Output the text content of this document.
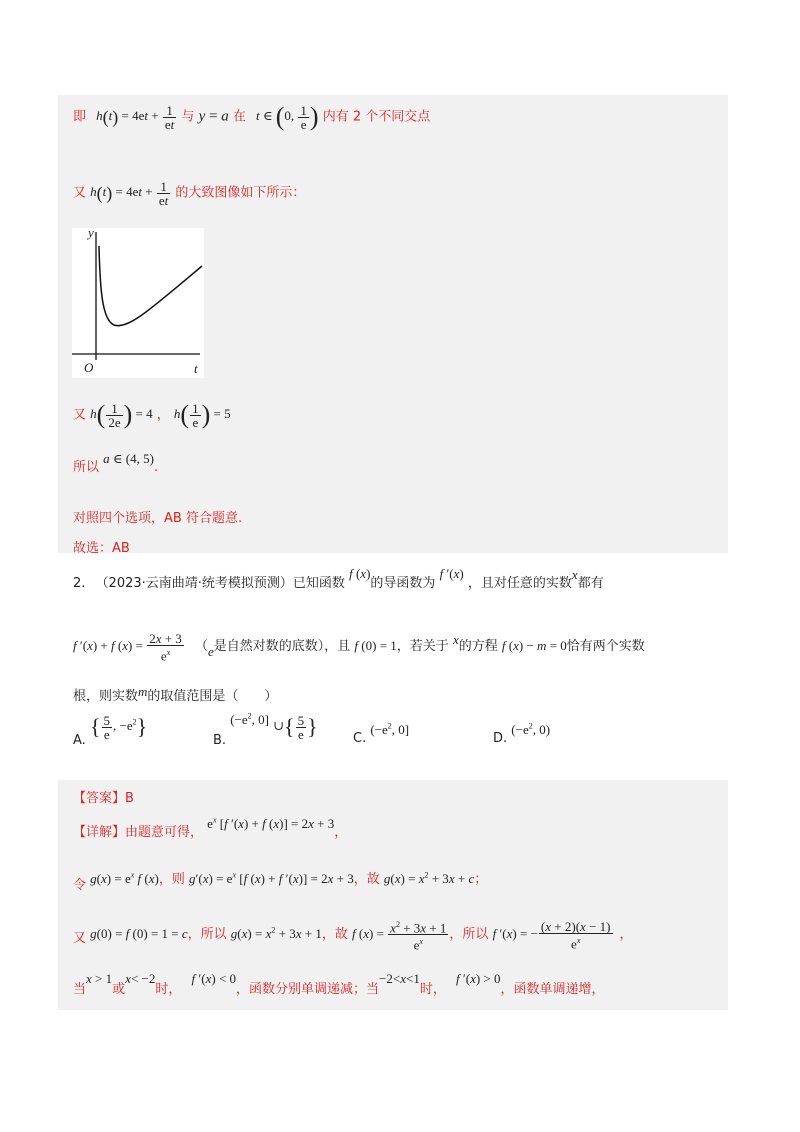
即 $h(t) = 4et + \frac{1}{et}$ 与 y = a 在 t ∈ (0, $\frac{1}{e}$ ) 内有 2 个不同交点
又 $h(t) = 4et + \frac{1}{et}$ 的大致图像如下所示：
y
O	t
又 $h( \frac{1}{2e}$ ) = 4 ， $h( \frac{1}{e}$ ) = 5
所以 a ∈ (4, 5).
对照四个选项，AB 符合题意.
故选：AB
2. （2023·云南曲靖·统考模拟预测）已知函数 f (x)的导函数为 f ′(x) ，且对任意的实数x都有
f ′(x) + f $(x) = \frac{2x + 3}{e^x} (e$是自然对数的底数），且 f (0) = 1，若关于 x的方程 f (x) − m = 0恰有两个实数
根，则实数m的取值范围是（　　）
A. { $\frac{5}{e}$ , $-e^2$}
B. ($-e^2$, 0] ∪{ $\frac{5}{e}$ }	C. ($-e^2$, 0]
D. ($-e^2$, 0)
【答案】B
【详解】由题意可得， $e^x$ [f ′(x) + f (x)] = 2x + 3，
令 $g(x) = e^x$ f (x)，则 $g'(x) = e^x$ [f (x) + f ′(x)] = 2x + 3，故 $g(x) = x^2 + 3x + c$；
又 g(0) = f (0) = 1 = c，所以 $g(x) = x^2 + 3x + 1$，故 f $(x) = \frac{x^2 + 3x + 1}{e^x}$ ，所以 f ′(x) = − $\frac{(x + 2)(x - 1)}{e^x}$ ，
当x > 1或x< −2时， f ′(x) < 0，函数分别单调递减；当−2<x<1时， f ′(x) > 0，函数单调递增，
